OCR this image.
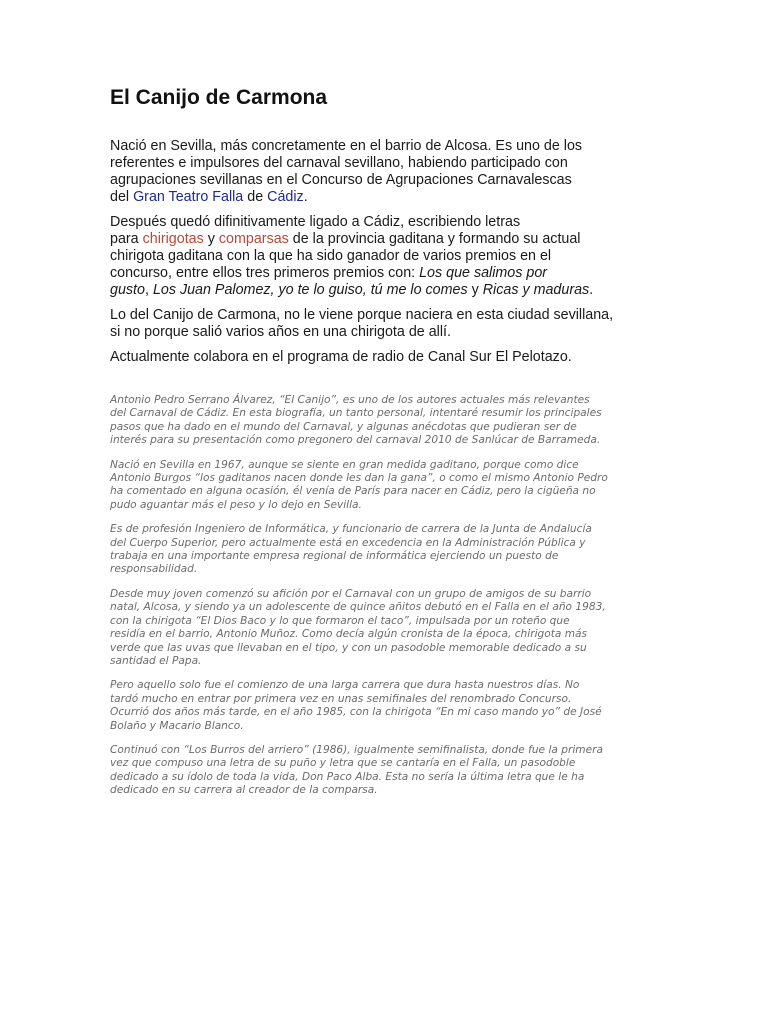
El Canijo de Carmona

Nació en Sevilla, más concretamente en el barrio de Alcosa. Es uno de los
referentes e impulsores del carnaval sevillano, habiendo participado con
agrupaciones sevillanas en el Concurso de Agrupaciones Carnavalescas
del Gran Teatro Falla de Cádiz.

Después quedó difinitivamente ligado a Cádiz, escribiendo letras
para chirigotas y comparsas de la provincia gaditana y formando su actual
chirigota gaditana con la que ha sido ganador de varios premios en el
concurso, entre ellos tres primeros premios con: Los que salimos por
gusto, Los Juan Palomez, yo te lo guiso, tú me lo comes y Ricas y maduras.

Lo del Canijo de Carmona, no le viene porque naciera en esta ciudad sevillana,
si no porque salió varios años en una chirigota de allí.

Actualmente colabora en el programa de radio de Canal Sur El Pelotazo.

Antonio Pedro Serrano Álvarez, “El Canijo”, es uno de los autores actuales más relevantes
del Carnaval de Cádiz. En esta biografía, un tanto personal, intentaré resumir los principales
pasos que ha dado en el mundo del Carnaval, y algunas anécdotas que pudieran ser de
interés para su presentación como pregonero del carnaval 2010 de Sanlúcar de Barrameda.

Nació en Sevilla en 1967, aunque se siente en gran medida gaditano, porque como dice
Antonio Burgos “los gaditanos nacen donde les dan la gana”, o como el mismo Antonio Pedro
ha comentado en alguna ocasión, él venía de París para nacer en Cádiz, pero la cigüeña no
pudo aguantar más el peso y lo dejo en Sevilla.

Es de profesión Ingeniero de Informática, y funcionario de carrera de la Junta de Andalucía
del Cuerpo Superior, pero actualmente está en excedencia en la Administración Pública y
trabaja en una importante empresa regional de informática ejerciendo un puesto de
responsabilidad.

Desde muy joven comenzó su afición por el Carnaval con un grupo de amigos de su barrio
natal, Alcosa, y siendo ya un adolescente de quince añitos debutó en el Falla en el año 1983,
con la chirigota “El Dios Baco y lo que formaron el taco”, impulsada por un roteño que
residía en el barrio, Antonio Muñoz. Como decía algún cronista de la época, chirigota más
verde que las uvas que llevaban en el tipo, y con un pasodoble memorable dedicado a su
santidad el Papa.

Pero aquello solo fue el comienzo de una larga carrera que dura hasta nuestros días. No
tardó mucho en entrar por primera vez en unas semifinales del renombrado Concurso.
Ocurrió dos años más tarde, en el año 1985, con la chirigota “En mi caso mando yo” de José
Bolaño y Macario Blanco.

Continuó con “Los Burros del arriero” (1986), igualmente semifinalista, donde fue la primera
vez que compuso una letra de su puño y letra que se cantaría en el Falla, un pasodoble
dedicado a su ídolo de toda la vida, Don Paco Alba. Esta no sería la última letra que le ha
dedicado en su carrera al creador de la comparsa.
